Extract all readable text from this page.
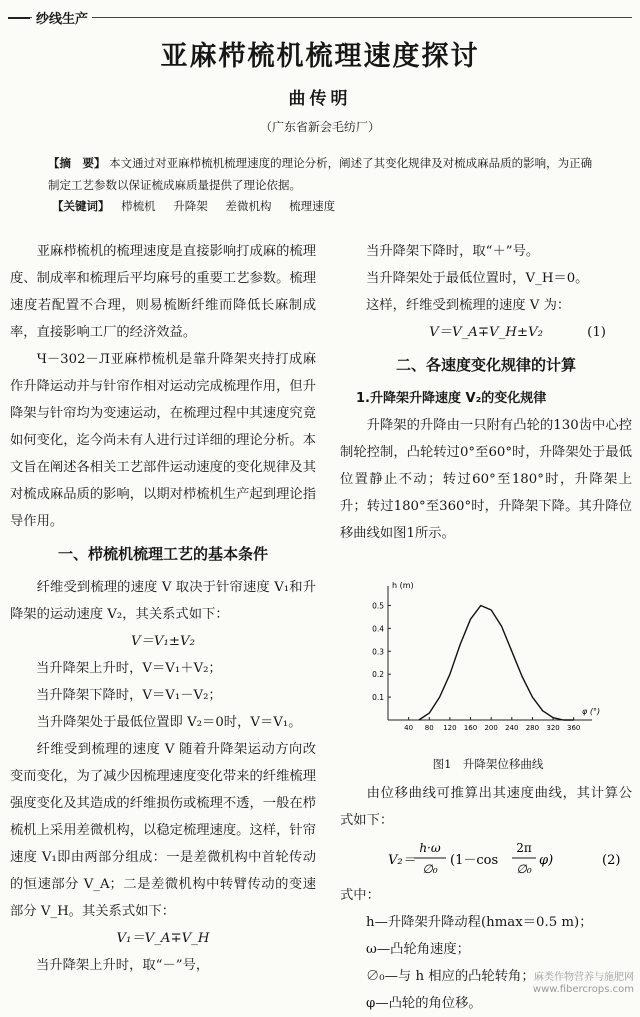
纱线生产
亚麻栉梳机梳理速度探讨
曲传明
（广东省新会毛纺厂）
【摘　要】 本文通过对亚麻栉梳机梳理速度的理论分析，阐述了其变化规律及对梳成麻品质的影响，为正确制定工艺参数以保证梳成麻质量提供了理论依据。
【关键词】 栉梳机 升降架 差微机构 梳理速度

亚麻栉梳机的梳理速度是直接影响打成麻的梳理度、制成率和梳理后平均麻号的重要工艺参数。梳理速度若配置不合理，则易梳断纤维而降低长麻制成率，直接影响工厂的经济效益。

Ч－302－Л亚麻栉梳机是靠升降架夹持打成麻作升降运动并与针帘作相对运动完成梳理作用，但升降架与针帘均为变速运动，在梳理过程中其速度究竟如何变化，迄今尚未有人进行过详细的理论分析。本文旨在阐述各相关工艺部件运动速度的变化规律及其对梳成麻品质的影响，以期对栉梳机生产起到理论指导作用。

一、栉梳机梳理工艺的基本条件

纤维受到梳理的速度 V 取决于针帘速度 V₁和升降架的运动速度 V₂，其关系式如下：

V＝V₁±V₂

当升降架上升时，V＝V₁＋V₂；

当升降架下降时，V＝V₁－V₂；

当升降架处于最低位置即 V₂＝0时，V＝V₁。

纤维受到梳理的速度 V 随着升降架运动方向改变而变化，为了减少因梳理速度变化带来的纤维梳理强度变化及其造成的纤维损伤或梳理不透，一般在栉梳机上采用差微机构，以稳定梳理速度。这样，针帘速度 V₁即由两部分组成：一是差微机构中首轮传动的恒速部分 V_A；二是差微机构中转臂传动的变速部分 V_H。其关系式如下：

V₁＝V_A∓V_H

当升降架上升时，取“－”号，

当升降架下降时，取“＋”号。

当升降架处于最低位置时，V_H＝0。

这样，纤维受到梳理的速度 V 为：

V＝V_A∓V_H±V₂	(1)
二、各速度变化规律的计算
1.升降架升降速度 V₂的变化规律

升降架的升降由一只附有凸轮的130齿中心控制轮控制，凸轮转过0°至60°时，升降架处于最低位置静止不动；转过60°至180°时，升降架上升；转过180°至360°时，升降架下降。其升降位移曲线如图1所示。

h (m)
φ (°)
0.1
0.2
0.3
0.4
0.5
40 80 120 160 200 240 280 320 360
图1　升降架位移曲线

由位移曲线可推算出其速度曲线，其计算公式如下：

V₂＝
h·ω
∅₀
(1－cos
2π
∅₀
φ)	(2)

式中：

h—升降架升降动程(hmax＝0.5 m)；

ω—凸轮角速度；

∅₀—与 h 相应的凸轮转角；

φ—凸轮的角位移。

麻类作物营养与施肥网
www.fibercrops.com
